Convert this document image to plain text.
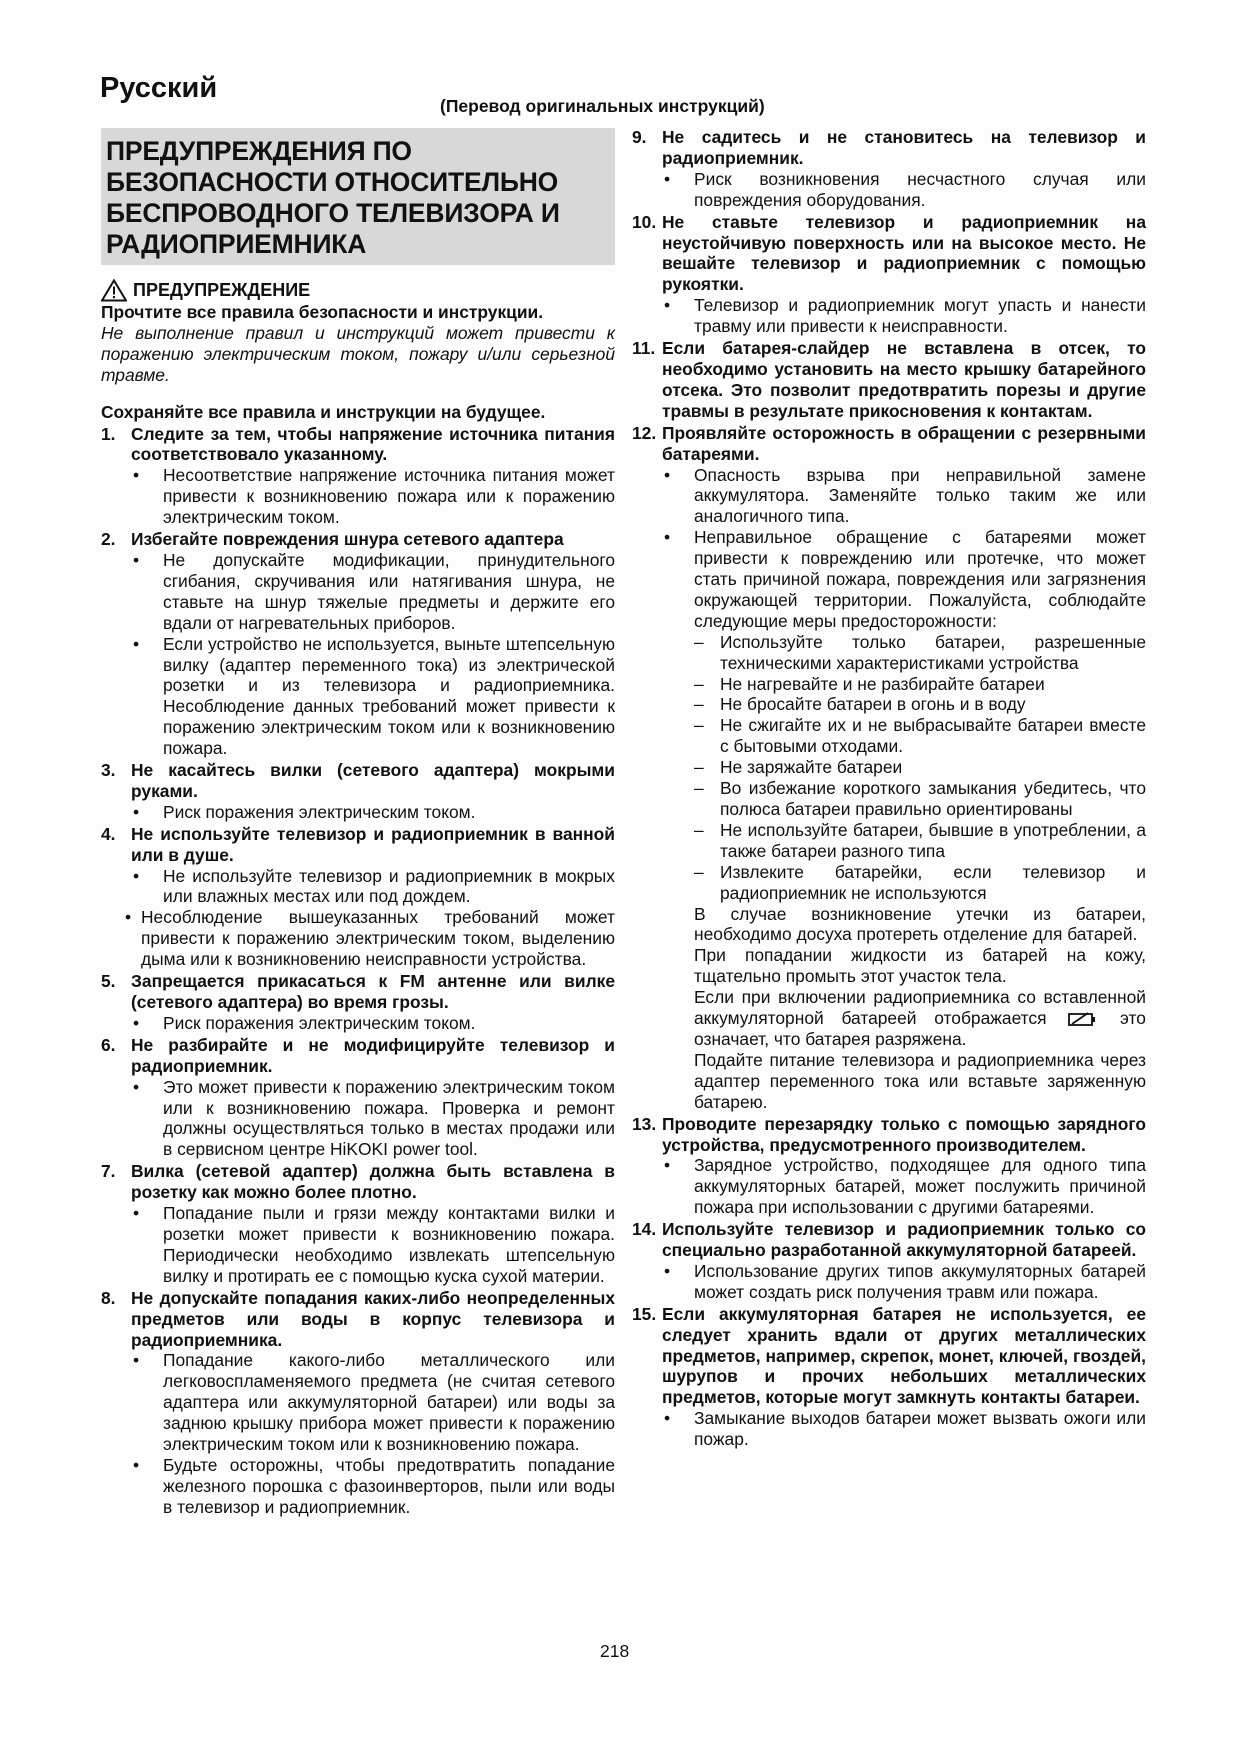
Русский

(Перевод оригинальных инструкций)

ПРЕДУПРЕЖДЕНИЯ ПО
БЕЗОПАСНОСТИ ОТНОСИТЕЛЬНО
БЕСПРОВОДНОГО ТЕЛЕВИЗОРА И
РАДИОПРИЕМНИКА
ПРЕДУПРЕЖДЕНИЕ

Прочтите все правила безопасности и инструкции.

Не выполнение правил и инструкций может привести к поражению электрическим током, пожару и/или серьезной травме.

Сохраняйте все правила и инструкции на будущее.

1. Следите за тем, чтобы напряжение источника питания соответствовало указанному.
•	Несоответствие напряжение источника питания может привести к возникновению пожара или к поражению электрическим током.
2. Избегайте повреждения шнура сетевого адаптера
•	Не допускайте модификации, принудительного сгибания, скручивания или натягивания шнура, не ставьте на шнур тяжелые предметы и держите его вдали от нагревательных приборов.
•	Если устройство не используется, выньте штепсельную вилку (адаптер переменного тока) из электрической розетки и из телевизора и радиоприемника. Несоблюдение данных требований может привести к поражению электрическим током или к возникновению пожара.
3. Не касайтесь вилки (сетевого адаптера) мокрыми руками.
•	Риск поражения электрическим током.
4. Не используйте телевизор и радиоприемник в ванной или в душе.
•	Не используйте телевизор и радиоприемник в мокрых или влажных местах или под дождем.
• Несоблюдение вышеуказанных требований может привести к поражению электрическим током, выделению дыма или к возникновению неисправности устройства.
5. Запрещается прикасаться к FM антенне или вилке (сетевого адаптера) во время грозы.
•	Риск поражения электрическим током.
6. Не разбирайте и не модифицируйте телевизор и радиоприемник.
•	Это может привести к поражению электрическим током или к возникновению пожара. Проверка и ремонт должны осуществляться только в местах продажи или в сервисном центре HiKOKI power tool.
7. Вилка (сетевой адаптер) должна быть вставлена в розетку как можно более плотно.
•	Попадание пыли и грязи между контактами вилки и розетки может привести к возникновению пожара. Периодически необходимо извлекать штепсельную вилку и протирать ее с помощью куска сухой материи.
8. Не допускайте попадания каких-либо неопределенных предметов или воды в корпус телевизора и радиоприемника.
•	Попадание какого-либо металлического или легковоспламеняемого предмета (не считая сетевого адаптера или аккумуляторной батареи) или воды за заднюю крышку прибора может привести к поражению электрическим током или к возникновению пожара.
•	Будьте осторожны, чтобы предотвратить попадание железного порошка с фазоинверторов, пыли или воды в телевизор и радиоприемник.
9. Не садитесь и не становитесь на телевизор и радиоприемник.
•	Риск возникновения несчастного случая или повреждения оборудования.
10. Не ставьте телевизор и радиоприемник на неустойчивую поверхность или на высокое место. Не вешайте телевизор и радиоприемник с помощью рукоятки.
•	Телевизор и радиоприемник могут упасть и нанести травму или привести к неисправности.
11. Если батарея-слайдер не вставлена в отсек, то необходимо установить на место крышку батарейного отсека. Это позволит предотвратить порезы и другие травмы в результате прикосновения к контактам.
12. Проявляйте осторожность в обращении с резервными батареями.
•	Опасность взрыва при неправильной замене аккумулятора. Заменяйте только таким же или аналогичного типа.
•	Неправильное обращение с батареями может привести к повреждению или протечке, что может стать причиной пожара, повреждения или загрязнения окружающей территории. Пожалуйста, соблюдайте следующие меры предосторожности:
– Используйте только батареи, разрешенные техническими характеристиками устройства
– Не нагревайте и не разбирайте батареи
– Не бросайте батареи в огонь и в воду
– Не сжигайте их и не выбрасывайте батареи вместе с бытовыми отходами.
– Не заряжайте батареи
– Во избежание короткого замыкания убедитесь, что полюса батареи правильно ориентированы
– Не используйте батареи, бывшие в употреблении, а также батареи разного типа
– Извлеките батарейки, если телевизор и радиоприемник не используются

В случае возникновение утечки из батареи, необходимо досуха протереть отделение для батарей.

При попадании жидкости из батарей на кожу, тщательно промыть этот участок тела.

Если при включении радиоприемника со вставленной аккумуляторной батареей отображается	это означает, что батарея разряжена.

Подайте питание телевизора и радиоприемника через адаптер переменного тока или вставьте заряженную батарею.

13. Проводите перезарядку только с помощью зарядного устройства, предусмотренного производителем.
•	Зарядное устройство, подходящее для одного типа аккумуляторных батарей, может послужить причиной пожара при использовании с другими батареями.
14. Используйте телевизор и радиоприемник только со специально разработанной аккумуляторной батареей.
•	Использование других типов аккумуляторных батарей может создать риск получения травм или пожара.
15. Если аккумуляторная батарея не используется, ее следует хранить вдали от других металлических предметов, например, скрепок, монет, ключей, гвоздей, шурупов и прочих небольших металлических предметов, которые могут замкнуть контакты батареи.
•	Замыкание выходов батареи может вызвать ожоги или пожар.
218
